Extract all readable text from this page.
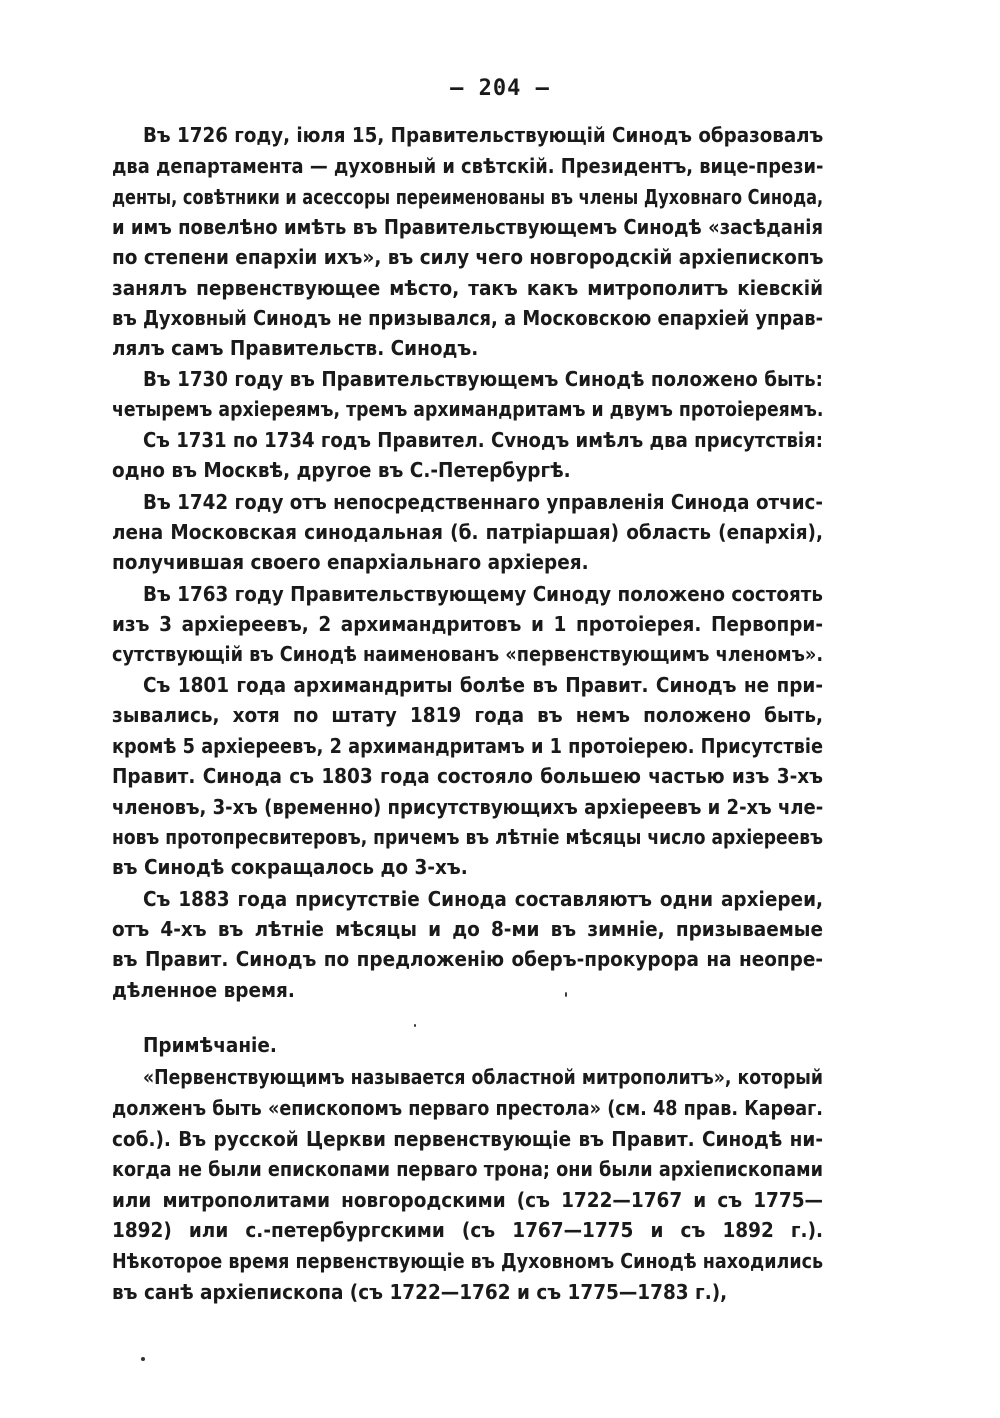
— 204 —
Въ 1726 году, іюля 15, Правительствующій Синодъ образовалъ
два департамента — духовный и свѣтскій. Президентъ, вице-прези-
денты, совѣтники и асессоры переименованы въ члены Духовнаго Синода,
и имъ повелѣно имѣть въ Правительствующемъ Синодѣ «засѣданія
по степени епархіи ихъ», въ силу чего новгородскій архіепископъ
занялъ первенствующее мѣсто, такъ какъ митрополитъ кіевскій
въ Духовный Синодъ не призывался, а Московскою епархіей управ-
лялъ самъ Правительств. Синодъ.
Въ 1730 году въ Правительствующемъ Синодѣ положено быть:
четыремъ архіереямъ, тремъ архимандритамъ и двумъ протоіереямъ.
Съ 1731 по 1734 годъ Правител. Сvнодъ имѣлъ два присутствія:
одно въ Москвѣ, другое въ С.-Петербургѣ.
Въ 1742 году отъ непосредственнаго управленія Синода отчис-
лена Московская синодальная (б. патріаршая) область (епархія),
получившая своего епархіальнаго архіерея.
Въ 1763 году Правительствующему Синоду положено состоять
изъ 3 архіереевъ, 2 архимандритовъ и 1 протоіерея. Первопри-
сутствующій въ Синодѣ наименованъ «первенствующимъ членомъ».
Съ 1801 года архимандриты болѣе въ Правит. Синодъ не при-
зывались, хотя по штату 1819 года въ немъ положено быть,
кромѣ 5 архіереевъ, 2 архимандритамъ и 1 протоіерею. Присутствіе
Правит. Синода съ 1803 года состояло большею частью изъ 3-хъ
членовъ, 3-хъ (временно) присутствующихъ архіереевъ и 2-хъ чле-
новъ протопресвитеровъ, причемъ въ лѣтніе мѣсяцы число архіереевъ
въ Синодѣ сокращалось до 3-хъ.
Съ 1883 года присутствіе Синода составляютъ одни архіереи,
отъ 4-хъ въ лѣтніе мѣсяцы и до 8-ми въ зимніе, призываемые
въ Правит. Синодъ по предложенію оберъ-прокурора на неопре-
дѣленное время.
Примѣчаніе.
«Первенствующимъ называется областной митрополитъ», который
долженъ быть «епископомъ перваго престола» (см. 48 прав. Карѳаг.
соб.). Въ русской Церкви первенствующіе въ Правит. Синодѣ ни-
когда не были епископами перваго трона; они были архіепископами
или митрополитами новгородскими (съ 1722—1767 и съ 1775—
1892) или с.-петербургскими (съ 1767—1775 и съ 1892 г.).
Нѣкоторое время первенствующіе въ Духовномъ Синодѣ находились
въ санѣ архіепископа (съ 1722—1762 и съ 1775—1783 г.),
